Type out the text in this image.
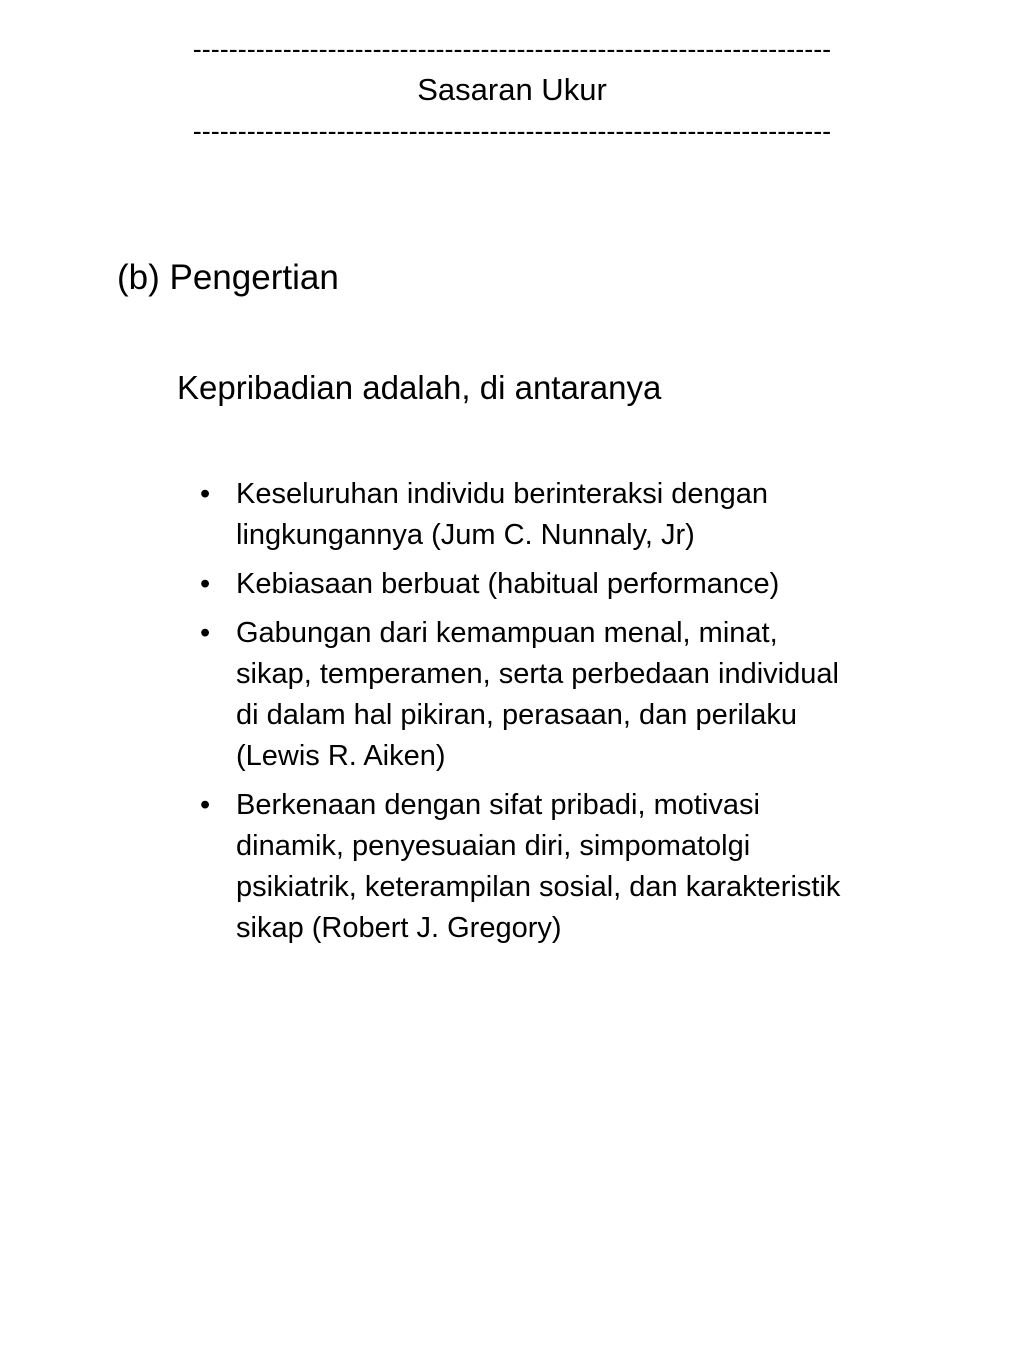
-----------------------------------------------------------------------
Sasaran Ukur
-----------------------------------------------------------------------
(b) Pengertian
Kepribadian adalah, di antaranya
• Keseluruhan individu berinteraksi dengan
lingkungannya (Jum C. Nunnaly, Jr)
• Kebiasaan berbuat (habitual performance)
• Gabungan dari kemampuan menal, minat,
sikap, temperamen, serta perbedaan individual
di dalam hal pikiran, perasaan, dan perilaku
(Lewis R. Aiken)
• Berkenaan dengan sifat pribadi, motivasi
dinamik, penyesuaian diri, simpomatolgi
psikiatrik, keterampilan sosial, dan karakteristik
sikap (Robert J. Gregory)
